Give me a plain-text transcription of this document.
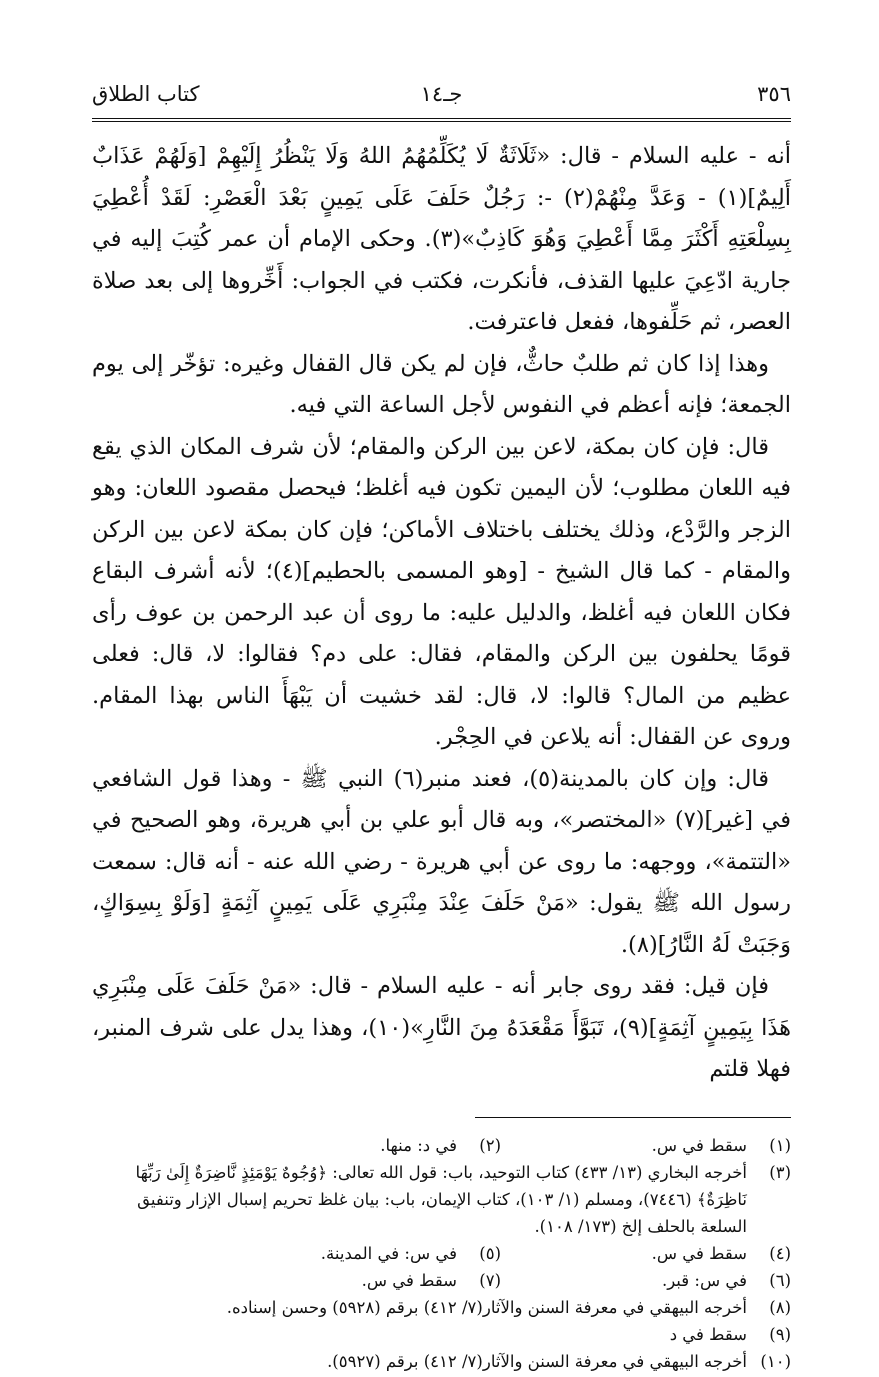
٣٥٦
جـ١٤
كتاب الطلاق

أنه - عليه السلام - قال: «ثَلَاثَةٌ لَا يُكَلِّمُهُمُ اللهُ وَلَا يَنْظُرُ إِلَيْهِمْ [وَلَهُمْ عَذَابٌ أَلِيمٌ](١) - وَعَدَّ مِنْهُمْ(٢) -: رَجُلٌ حَلَفَ عَلَى يَمِينٍ بَعْدَ الْعَصْرِ: لَقَدْ أُعْطِيَ بِسِلْعَتِهِ أَكْثَرَ مِمَّا أَعْطِيَ وَهُوَ كَاذِبٌ»(٣). وحكى الإمام أن عمر كُتِبَ إليه في جارية ادّعِيَ عليها القذف، فأنكرت، فكتب في الجواب: أَخِّروها إلى بعد صلاة العصر، ثم حَلِّفوها، ففعل فاعترفت.

وهذا إذا كان ثم طلبٌ حاثٌّ، فإن لم يكن قال القفال وغيره: تؤخّر إلى يوم الجمعة؛ فإنه أعظم في النفوس لأجل الساعة التي فيه.

قال: فإن كان بمكة، لاعن بين الركن والمقام؛ لأن شرف المكان الذي يقع فيه اللعان مطلوب؛ لأن اليمين تكون فيه أغلظ؛ فيحصل مقصود اللعان: وهو الزجر والرَّدْع، وذلك يختلف باختلاف الأماكن؛ فإن كان بمكة لاعن بين الركن والمقام - كما قال الشيخ - [وهو المسمى بالحطيم](٤)؛ لأنه أشرف البقاع فكان اللعان فيه أغلظ، والدليل عليه: ما روى أن عبد الرحمن بن عوف رأى قومًا يحلفون بين الركن والمقام، فقال: على دم؟ فقالوا: لا، قال: فعلى عظيم من المال؟ قالوا: لا، قال: لقد خشيت أن يَبْهَأَ الناس بهذا المقام. وروى عن القفال: أنه يلاعن في الحِجْر.

قال: وإن كان بالمدينة(٥)، فعند منبر(٦) النبي ﷺ - وهذا قول الشافعي في [غير](٧) «المختصر»، وبه قال أبو علي بن أبي هريرة، وهو الصحيح في «التتمة»، ووجهه: ما روى عن أبي هريرة - رضي الله عنه - أنه قال: سمعت رسول الله ﷺ يقول: «مَنْ حَلَفَ عِنْدَ مِنْبَرِي عَلَى يَمِينٍ آثِمَةٍ [وَلَوْ بِسِوَاكٍ، وَجَبَتْ لَهُ النَّارُ](٨).

فإن قيل: فقد روى جابر أنه - عليه السلام - قال: «مَنْ حَلَفَ عَلَى مِنْبَرِي هَذَا بِيَمِينٍ آثِمَةٍ](٩)، تَبَوَّأَ مَقْعَدَهُ مِنَ النَّارِ»(١٠)، وهذا يدل على شرف المنبر، فهلا قلتم

(١)
سقط في س.
(٢)
في د: منها.
(٣)
أخرجه البخاري (١٣/ ٤٣٣) كتاب التوحيد، باب: قول الله تعالى: ﴿وُجُوهٌ يَوْمَئِذٍ نَّاضِرَةٌ إِلَىٰ رَبِّهَا نَاظِرَةٌ﴾ (٧٤٤٦)، ومسلم (١/ ١٠٣)، كتاب الإيمان، باب: بيان غلظ تحريم إسبال الإزار وتنفيق السلعة بالحلف إلخ (١٧٣/ ١٠٨).
(٤)
سقط في س.
(٥)
في س: في المدينة.
(٦)
في س: قبر.
(٧)
سقط في س.
(٨)
أخرجه البيهقي في معرفة السنن والآثار(٧/ ٤١٢) برقم (٥٩٢٨) وحسن إسناده.
(٩)
سقط في د
(١٠)
أخرجه البيهقي في معرفة السنن والآثار(٧/ ٤١٢) برقم (٥٩٢٧).
